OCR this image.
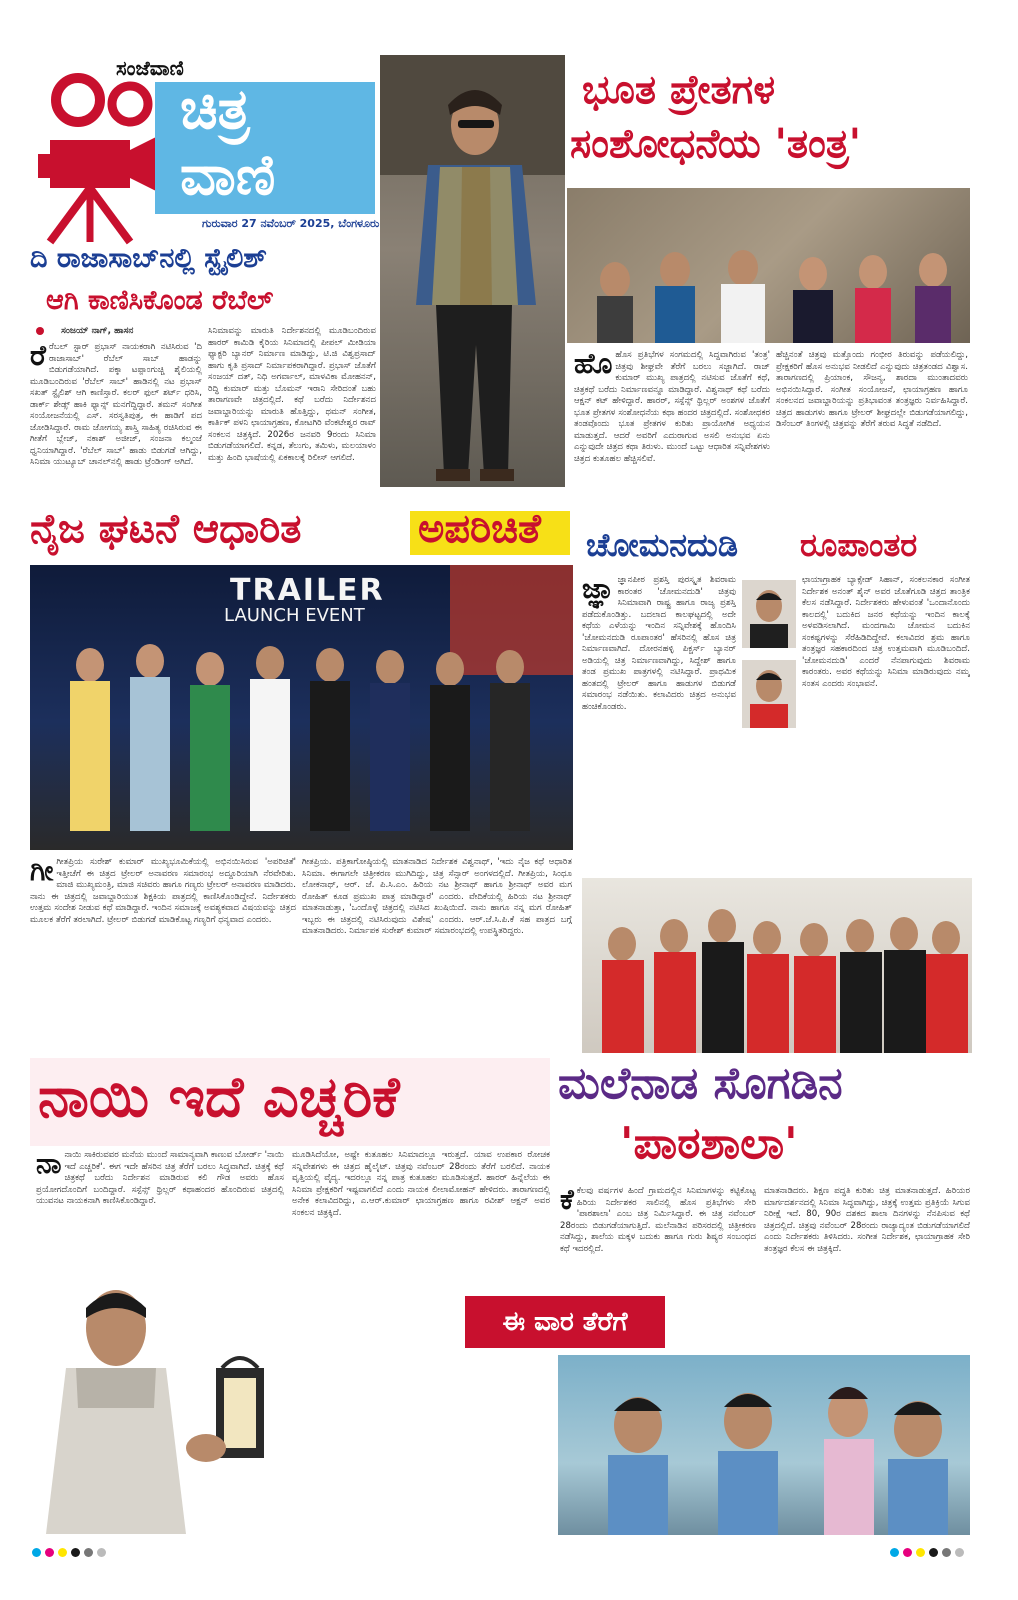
ಸಂಜೆವಾಣಿ
ಚಿತ್ರ
ವಾಣಿ
ಗುರುವಾರ 27 ನವೆಂಬರ್ 2025, ಬೆಂಗಳೂರು
ದಿ ರಾಜಾಸಾಬ್‌ನಲ್ಲಿ ಸ್ಟೈಲಿಶ್
ಆಗಿ ಕಾಣಿಸಿಕೊಂಡ ರೆಬೆಲ್
ಸಂಜಯ್ ನಾಗ್, ಹಾಸನ
ರೆ ರೆಬಲ್ ಸ್ಟಾರ್ ಪ್ರಭಾಸ್ ನಾಯಕರಾಗಿ ನಟಿಸಿರುವ 'ದಿ ರಾಜಾಸಾಬ್' ರೆಬೆಲ್ ಸಾಬ್ ಹಾಡನ್ನು ಬಿಡುಗಡೆಯಾಗಿದೆ. ಪಕ್ಕಾ ಟಪ್ಪಾಂಗುಚ್ಚಿ ಶೈಲಿಯಲ್ಲಿ ಮೂಡಿಬಂದಿರುವ 'ರೆಬೆಲ್ ಸಾಬ್' ಹಾಡಿನಲ್ಲಿ ನಟ ಪ್ರಭಾಸ್ ಸಖತ್ ಸ್ಟೈಲಿಶ್ ಆಗಿ ಕಾಣಿಸ್ತಾರೆ. ಕಲರ್ ಫುಲ್ ಶರ್ಟ್ ಧರಿಸಿ, ಡಾರ್ಕ್ ಶೇಡ್ಸ್ ಹಾಕಿ ಫ್ಯಾನ್ಸ್ ಮನಗೆದ್ದಿದ್ದಾರೆ. ತಮನ್ ಸಂಗೀತ ಸಂಯೋಜನೆಯಲ್ಲಿ ಎಸ್. ಸರಸ್ವತಿಪುತ್ರ, ಈ ಹಾಡಿಗೆ ಪದ ಜೋಡಿಸಿದ್ದಾರೆ. ರಾಮ ಜೋಗಯ್ಯ ಶಾಸ್ತ್ರಿ ಸಾಹಿತ್ಯ ರಚಿಸಿರುವ ಈ ಗೀತೆಗೆ ಬ್ಲೇಜ್, ನಕಾಶ್ ಅಜೀಜ್, ಸಂಜನಾ ಕಲ್ಮಂಜೆ ಧ್ವನಿಯಾಗಿದ್ದಾರೆ. 'ರೆಬೆಲ್ ಸಾಬ್' ಹಾಡು ಬಿಡುಗಡೆ ಆಗಿದ್ದು, ಸಿನಿಮಾ ಯುಟ್ಯೂಬ್ ಚಾನಲ್‌ನಲ್ಲಿ ಹಾಡು ಟ್ರೆಂಡಿಂಗ್ ಆಗಿದೆ.
ಸಿನಿಮಾವನ್ನು ಮಾರುತಿ ನಿರ್ದೇಶನದಲ್ಲಿ ಮೂಡಿಬಂದಿರುವ ಹಾರರ್ ಕಾಮಿಡಿ ಕೈರಿಯ ಸಿನಿಮಾದಲ್ಲಿ ಪೀಪಲ್ ಮೀಡಿಯಾ ಫ್ಯಾಕ್ಟರಿ ಬ್ಯಾನರ್ ನಿರ್ಮಾಣ ಮಾಡಿದ್ದು, ಟಿ.ಜಿ ವಿಶ್ವಪ್ರಸಾದ್ ಹಾಗು ಕೃತಿ ಪ್ರಸಾದ್ ನಿರ್ಮಾಪಕರಾಗಿದ್ದಾರೆ. ಪ್ರಭಾಸ್ ಜೊತೆಗೆ ಸಂಜಯ್ ದತ್, ನಿಧಿ ಅಗರ್ವಾಲ್, ಮಾಳವಿಕಾ ಮೋಹನನ್, ರಿದ್ಧಿ ಕುಮಾರ್ ಮತ್ತು ಬೊಮನ್ ಇರಾನಿ ಸೇರಿದಂತೆ ಬಹು ತಾರಾಗಣವೇ ಚಿತ್ರದಲ್ಲಿದೆ. ಕಥೆ ಬರೆದು ನಿರ್ದೇಶನದ ಜವಾಬ್ದಾರಿಯನ್ನು ಮಾರುತಿ ಹೊತ್ತಿದ್ದು, ಥಮನ್ ಸಂಗೀತ, ಕಾರ್ತಿಕ್ ಪಳನಿ ಛಾಯಾಗ್ರಹಣ, ಕೋಟಗಿರಿ ವೆಂಕಟೇಶ್ವರ ರಾವ್ ಸಂಕಲನ ಚಿತ್ರಕ್ಕಿದೆ. 2026ರ ಜನವರಿ 9ರಂದು ಸಿನಿಮಾ ಬಿಡುಗಡೆಯಾಗಲಿದೆ. ಕನ್ನಡ, ತೆಲುಗು, ತಮಿಳು, ಮಲಯಾಳಂ ಮತ್ತು ಹಿಂದಿ ಭಾಷೆಯಲ್ಲಿ ಏಕಕಾಲಕ್ಕೆ ರಿಲೀಸ್ ಆಗಲಿದೆ.
ಭೂತ ಪ್ರೇತಗಳ
ಸಂಶೋಧನೆಯ 'ತಂತ್ರ'
ಹೊ ಹೊಸ ಪ್ರತಿಭೆಗಳ ಸಂಗಮದಲ್ಲಿ ಸಿದ್ದವಾಗಿರುವ 'ತಂತ್ರ' ಚಿತ್ರವು ಶೀಘ್ರವೇ ತೆರೆಗೆ ಬರಲು ಸಜ್ಜಾಗಿದೆ. ರಾಜ್ ಕುಮಾರ್ ಮುಖ್ಯ ಪಾತ್ರದಲ್ಲಿ ನಟಿಸುವ ಜೊತೆಗೆ ಕಥೆ, ಚಿತ್ರಕಥೆ ಬರೆದು ನಿರ್ಮಾಣವನ್ನೂ ಮಾಡಿದ್ದಾರೆ. ವಿಶ್ವನಾಥ್ ಕಥೆ ಬರೆದು ಆಕ್ಷನ್ ಕಟ್ ಹೇಳಿದ್ದಾರೆ. ಹಾರರ್, ಸಸ್ಪೆನ್ಸ್ ಥ್ರಿಲ್ಲರ್ ಅಂಶಗಳ ಜೊತೆಗೆ ಭೂತ ಪ್ರೇತಗಳ ಸಂಶೋಧನೆಯ ಕಥಾ ಹಂದರ ಚಿತ್ರದಲ್ಲಿದೆ. ಸಂಶೋಧಕರ ತಂಡವೊಂದು ಭೂತ ಪ್ರೇತಗಳ ಕುರಿತು ಪ್ರಾಯೋಗಿಕ ಅಧ್ಯಯನ ಮಾಡುತ್ತದೆ. ಆದರೆ ಅವರಿಗೆ ಎದುರಾಗುವ ಅಸಲಿ ಅನುಭವ ಏನು ಎನ್ನುವುದೇ ಚಿತ್ರದ ಕಥಾ ತಿರುಳು. ಮುಂದೆ ಒಟ್ಟು ಆಧಾರಿತ ಸನ್ನಿವೇಶಗಳು ಚಿತ್ರದ ಕುತೂಹಲ ಹೆಚ್ಚಿಸಲಿವೆ.
ಹೆಚ್ಚಿನಂತೆ ಚಿತ್ರವು ಮತ್ತೊಂದು ಗಂಭೀರ ತಿರುವನ್ನು ಪಡೆಯಲಿದ್ದು, ಪ್ರೇಕ್ಷಕರಿಗೆ ಹೊಸ ಅನುಭವ ನೀಡಲಿದೆ ಎನ್ನುವುದು ಚಿತ್ರತಂಡದ ವಿಶ್ವಾಸ. ತಾರಾಗಣದಲ್ಲಿ ಪ್ರಿಯಾಂಕ, ಸೌಜನ್ಯ, ಶಾರದಾ ಮುಂತಾದವರು ಅಭಿನಯಿಸಿದ್ದಾರೆ. ಸಂಗೀತ ಸಂಯೋಜನೆ, ಛಾಯಾಗ್ರಹಣ ಹಾಗೂ ಸಂಕಲನದ ಜವಾಬ್ದಾರಿಯನ್ನು ಪ್ರತಿಭಾವಂತ ತಂತ್ರಜ್ಞರು ನಿರ್ವಹಿಸಿದ್ದಾರೆ. ಚಿತ್ರದ ಹಾಡುಗಳು ಹಾಗೂ ಟ್ರೇಲರ್ ಶೀಘ್ರದಲ್ಲೇ ಬಿಡುಗಡೆಯಾಗಲಿದ್ದು, ಡಿಸೆಂಬರ್ ತಿಂಗಳಲ್ಲಿ ಚಿತ್ರವನ್ನು ತೆರೆಗೆ ತರುವ ಸಿದ್ಧತೆ ನಡೆದಿದೆ.
ನೈಜ ಘಟನೆ ಆಧಾರಿತ	ಅಪರಿಚಿತೆ
TRAILER
LAUNCH EVENT
ಗೀ ಗೀತಪ್ರಿಯ ಸುರೇಶ್ ಕುಮಾರ್ ಮುಖ್ಯಭೂಮಿಕೆಯಲ್ಲಿ ಅಭಿನಯಿಸಿರುವ 'ಅಪರಿಚಿತೆ' ಇತ್ತೀಚೆಗೆ ಈ ಚಿತ್ರದ ಟ್ರೇಲರ್ ಅನಾವರಣ ಸಮಾರಂಭ ಅದ್ದೂರಿಯಾಗಿ ನೆರವೇರಿತು. ಮಾಜಿ ಮುಖ್ಯಮಂತ್ರಿ, ಮಾಜಿ ಸಚಿವರು ಹಾಗೂ ಗಣ್ಯರು ಟ್ರೇಲರ್ ಅನಾವರಣ ಮಾಡಿದರು. ನಾನು ಈ ಚಿತ್ರದಲ್ಲಿ ಜವಾಬ್ದಾರಿಯುತ ಶಿಕ್ಷಕಿಯ ಪಾತ್ರದಲ್ಲಿ ಕಾಣಿಸಿಕೊಂಡಿದ್ದೇನೆ. ನಿರ್ದೇಶಕರು ಉತ್ತಮ ಸಂದೇಶ ನೀಡುವ ಕಥೆ ಮಾಡಿದ್ದಾರೆ. ಇಂದಿನ ಸಮಾಜಕ್ಕೆ ಅವಶ್ಯಕವಾದ ವಿಷಯವನ್ನು ಚಿತ್ರದ ಮೂಲಕ ತೆರೆಗೆ ತರಲಾಗಿದೆ. ಟ್ರೇಲರ್ ಬಿಡುಗಡೆ ಮಾಡಿಕೊಟ್ಟ ಗಣ್ಯರಿಗೆ ಧನ್ಯವಾದ ಎಂದರು.
ಗೀತಪ್ರಿಯ. ಪತ್ರಿಕಾಗೋಷ್ಠಿಯಲ್ಲಿ ಮಾತನಾಡಿದ ನಿರ್ದೇಶಕ ವಿಶ್ವನಾಥ್, 'ಇದು ನೈಜ ಕಥೆ ಆಧಾರಿತ ಸಿನಿಮಾ. ಈಗಾಗಲೇ ಚಿತ್ರೀಕರಣ ಮುಗಿದಿದ್ದು, ಚಿತ್ರ ಸೆನ್ಸಾರ್ ಅಂಗಳದಲ್ಲಿದೆ. ಗೀತಪ್ರಿಯ, ಸಿಂಧೂ ಲೋಕನಾಥ್, ಆರ್. ಜೆ. ಪಿ.ಸಿ.ಎಂ. ಹಿರಿಯ ನಟ ಶ್ರೀನಾಥ್ ಹಾಗೂ ಶ್ರೀನಾಥ್ ಅವರ ಮಗ ರೋಹಿತ್ ಕೂಡ ಪ್ರಮುಖ ಪಾತ್ರ ಮಾಡಿದ್ದಾರೆ' ಎಂದರು. ವೇದಿಕೆಯಲ್ಲಿ ಹಿರಿಯ ನಟ ಶ್ರೀನಾಥ್ ಮಾತನಾಡುತ್ತಾ, 'ಒಂದೊಳ್ಳೆ ಚಿತ್ರದಲ್ಲಿ ನಟಿಸಿದ ಖುಷಿಯಿದೆ. ನಾನು ಹಾಗೂ ನನ್ನ ಮಗ ರೋಹಿತ್ ಇಬ್ಬರು ಈ ಚಿತ್ರದಲ್ಲಿ ನಟಿಸಿರುವುದು ವಿಶೇಷ' ಎಂದರು. ಆರ್.ಜೆ.ಸಿ.ಪಿ.ಕೆ ಸಹ ಪಾತ್ರದ ಬಗ್ಗೆ ಮಾತನಾಡಿದರು. ನಿರ್ಮಾಪಕ ಸುರೇಶ್ ಕುಮಾರ್ ಸಮಾರಂಭದಲ್ಲಿ ಉಪಸ್ಥಿತರಿದ್ದರು.
ಚೋಮನದುಡಿ ರೂಪಾಂತರ
ಜ್ಞಾ ಜ್ಞಾನಪೀಠ ಪ್ರಶಸ್ತಿ ಪುರಸ್ಕೃತ ಶಿವರಾಮ ಕಾರಂತರ 'ಚೋಮನದುಡಿ' ಚಿತ್ರವು ಸಿನಿಮಾವಾಗಿ ರಾಷ್ಟ್ರ ಹಾಗೂ ರಾಜ್ಯ ಪ್ರಶಸ್ತಿ ಪಡೆದುಕೊಂಡಿತ್ತು. ಬದಲಾದ ಕಾಲಘಟ್ಟದಲ್ಲಿ ಅದೇ ಕಥೆಯ ಎಳೆಯನ್ನು ಇಂದಿನ ಸನ್ನಿವೇಶಕ್ಕೆ ಹೊಂದಿಸಿ 'ಚೋಮನದುಡಿ ರೂಪಾಂತರ' ಹೆಸರಿನಲ್ಲಿ ಹೊಸ ಚಿತ್ರ ನಿರ್ಮಾಣವಾಗಿದೆ. ದೋರನಹಳ್ಳಿ ಪಿಕ್ಚರ್ಸ್ ಬ್ಯಾನರ್ ಅಡಿಯಲ್ಲಿ ಚಿತ್ರ ನಿರ್ಮಾಣವಾಗಿದ್ದು, ಸಿದ್ದೇಶ್ ಹಾಗೂ ತಂಡ ಪ್ರಮುಖ ಪಾತ್ರಗಳಲ್ಲಿ ನಟಿಸಿದ್ದಾರೆ. ಪ್ರಾಥಮಿಕ ಹಂತದಲ್ಲಿ ಟ್ರೇಲರ್ ಹಾಗೂ ಹಾಡುಗಳ ಬಿಡುಗಡೆ ಸಮಾರಂಭ ನಡೆಯಿತು. ಕಲಾವಿದರು ಚಿತ್ರದ ಅನುಭವ ಹಂಚಿಕೊಂಡರು.
ಛಾಯಾಗ್ರಾಹಕ ಬ್ಯಾಕ್ಸೇಡ್ ಸಿಹಾನ್, ಸಂಕಲನಕಾರ ಸಂಗೀತ ನಿರ್ದೇಶಕ ಅನಂತ್ ಶೈನ್ ಅವರ ಜೊತೆಗೂಡಿ ಚಿತ್ರದ ತಾಂತ್ರಿಕ ಕೆಲಸ ನಡೆಸಿದ್ದಾರೆ. ನಿರ್ದೇಶಕರು ಹೇಳುವಂತೆ 'ಒಂದಾನೊಂದು ಕಾಲದಲ್ಲಿ' ಬದುಕಿದ ಜನರ ಕಥೆಯನ್ನು ಇಂದಿನ ಕಾಲಕ್ಕೆ ಅಳವಡಿಸಲಾಗಿದೆ. ಮಂದಗಾಮಿ ಚೋಮನ ಬದುಕಿನ ಸಂಕಷ್ಟಗಳನ್ನು ಸೆರೆಹಿಡಿದಿದ್ದೇವೆ. ಕಲಾವಿದರ ಶ್ರಮ ಹಾಗೂ ತಂತ್ರಜ್ಞರ ಸಹಕಾರದಿಂದ ಚಿತ್ರ ಉತ್ತಮವಾಗಿ ಮೂಡಿಬಂದಿದೆ. 'ಚೋಮನದುಡಿ' ಎಂದರೆ ನೆನಪಾಗುವುದು ಶಿವರಾಮ ಕಾರಂತರು. ಅವರ ಕಥೆಯನ್ನು ಸಿನಿಮಾ ಮಾಡಿರುವುದು ನಮ್ಮ ಸಂತಸ ಎಂದರು ಸಂಭಾವನೆ.
ನಾಯಿ ಇದೆ ಎಚ್ಚರಿಕೆ
ನಾ ನಾಯಿ ಸಾಕಿರುವವರ ಮನೆಯ ಮುಂದೆ ಸಾಮಾನ್ಯವಾಗಿ ಕಾಣುವ ಬೋರ್ಡ್ 'ನಾಯಿ ಇದೆ ಎಚ್ಚರಿಕೆ'. ಈಗ ಇದೇ ಹೆಸರಿನ ಚಿತ್ರ ತೆರೆಗೆ ಬರಲು ಸಿದ್ಧವಾಗಿದೆ. ಚಿತ್ರಕ್ಕೆ ಕಥೆ ಚಿತ್ರಕಥೆ ಬರೆದು ನಿರ್ದೇಶನ ಮಾಡಿರುವ ಕಲಿ ಗೌಡ ಅವರು ಹೊಸ ಪ್ರಯೋಗದೊಂದಿಗೆ ಬಂದಿದ್ದಾರೆ. ಸಸ್ಪೆನ್ಸ್ ಥ್ರಿಲ್ಲರ್ ಕಥಾಹಂದರ ಹೊಂದಿರುವ ಚಿತ್ರದಲ್ಲಿ ಯುವನಟ ನಾಯಕನಾಗಿ ಕಾಣಿಸಿಕೊಂಡಿದ್ದಾರೆ.
ಮೂಡಿಸಿದೆಯೋ, ಅಷ್ಟೇ ಕುತೂಹಲ ಸಿನಿಮಾದಲ್ಲೂ ಇರುತ್ತದೆ. ಯಾವ ಉಪಕಾರ ರೋಚಕ ಸನ್ನಿವೇಶಗಳು ಈ ಚಿತ್ರದ ಹೈಲೈಟ್. ಚಿತ್ರವು ನವೆಂಬರ್ 28ರಂದು ತೆರೆಗೆ ಬರಲಿದೆ. ನಾಯಕ ವೃತ್ತಿಯಲ್ಲಿ ವೈದ್ಯ. ಇದರಲ್ಲೂ ನನ್ನ ಪಾತ್ರ ಕುತೂಹಲ ಮೂಡಿಸುತ್ತದೆ. ಹಾರರ್ ಹಿನ್ನೆಲೆಯ ಈ ಸಿನಿಮಾ ಪ್ರೇಕ್ಷಕರಿಗೆ ಇಷ್ಟವಾಗಲಿದೆ ಎಂದು ನಾಯಕ ಲೀಲಾಮೋಹನ್ ಹೇಳಿದರು. ತಾರಾಗಣದಲ್ಲಿ ಅನೇಕ ಕಲಾವಿದರಿದ್ದು, ಎ.ಆರ್.ಕುಮಾರ್ ಛಾಯಾಗ್ರಹಣ ಹಾಗೂ ರವೀಶ್ ಆಕ್ಷನ್ ಅವರ ಸಂಕಲನ ಚಿತ್ರಕ್ಕಿದೆ.
ಮಲೆನಾಡ ಸೊಗಡಿನ
'ಪಾಠಶಾಲಾ'
ಕೆ ಕೆಲವು ವರ್ಷಗಳ ಹಿಂದೆ ಗ್ರಾಮದಲ್ಲಿನ ಸಿನಿಮಾಗಳನ್ನು ಕಟ್ಟಿಕೊಟ್ಟ ಹಿರಿಯ ನಿರ್ದೇಶಕರ ಸಾಲಿನಲ್ಲಿ ಹೊಸ ಪ್ರತಿಭೆಗಳು ಸೇರಿ 'ಪಾಠಶಾಲಾ' ಎಂಬ ಚಿತ್ರ ನಿರ್ಮಿಸಿದ್ದಾರೆ. ಈ ಚಿತ್ರ ನವೆಂಬರ್ 28ರಂದು ಬಿಡುಗಡೆಯಾಗುತ್ತಿದೆ. ಮಲೆನಾಡಿನ ಪರಿಸರದಲ್ಲಿ ಚಿತ್ರೀಕರಣ ನಡೆಸಿದ್ದು, ಶಾಲೆಯ ಮಕ್ಕಳ ಬದುಕು ಹಾಗೂ ಗುರು ಶಿಷ್ಯರ ಸಂಬಂಧದ ಕಥೆ ಇದರಲ್ಲಿದೆ.
ಮಾತನಾಡಿದರು. ಶಿಕ್ಷಣ ಪದ್ಧತಿ ಕುರಿತು ಚಿತ್ರ ಮಾತನಾಡುತ್ತದೆ. ಹಿರಿಯರ ಮಾರ್ಗದರ್ಶನದಲ್ಲಿ ಸಿನಿಮಾ ಸಿದ್ಧವಾಗಿದ್ದು, ಚಿತ್ರಕ್ಕೆ ಉತ್ತಮ ಪ್ರತಿಕ್ರಿಯೆ ಸಿಗುವ ನಿರೀಕ್ಷೆ ಇದೆ. 80, 90ರ ದಶಕದ ಶಾಲಾ ದಿನಗಳನ್ನು ನೆನಪಿಸುವ ಕಥೆ ಚಿತ್ರದಲ್ಲಿದೆ. ಚಿತ್ರವು ನವೆಂಬರ್ 28ರಂದು ರಾಜ್ಯಾದ್ಯಂತ ಬಿಡುಗಡೆಯಾಗಲಿದೆ ಎಂದು ನಿರ್ದೇಶಕರು ತಿಳಿಸಿದರು. ಸಂಗೀತ ನಿರ್ದೇಶಕ, ಛಾಯಾಗ್ರಾಹಕ ಸೇರಿ ತಂತ್ರಜ್ಞರ ಕೆಲಸ ಈ ಚಿತ್ರಕ್ಕಿದೆ.
ಈ ವಾರ ತೆರೆಗೆ
